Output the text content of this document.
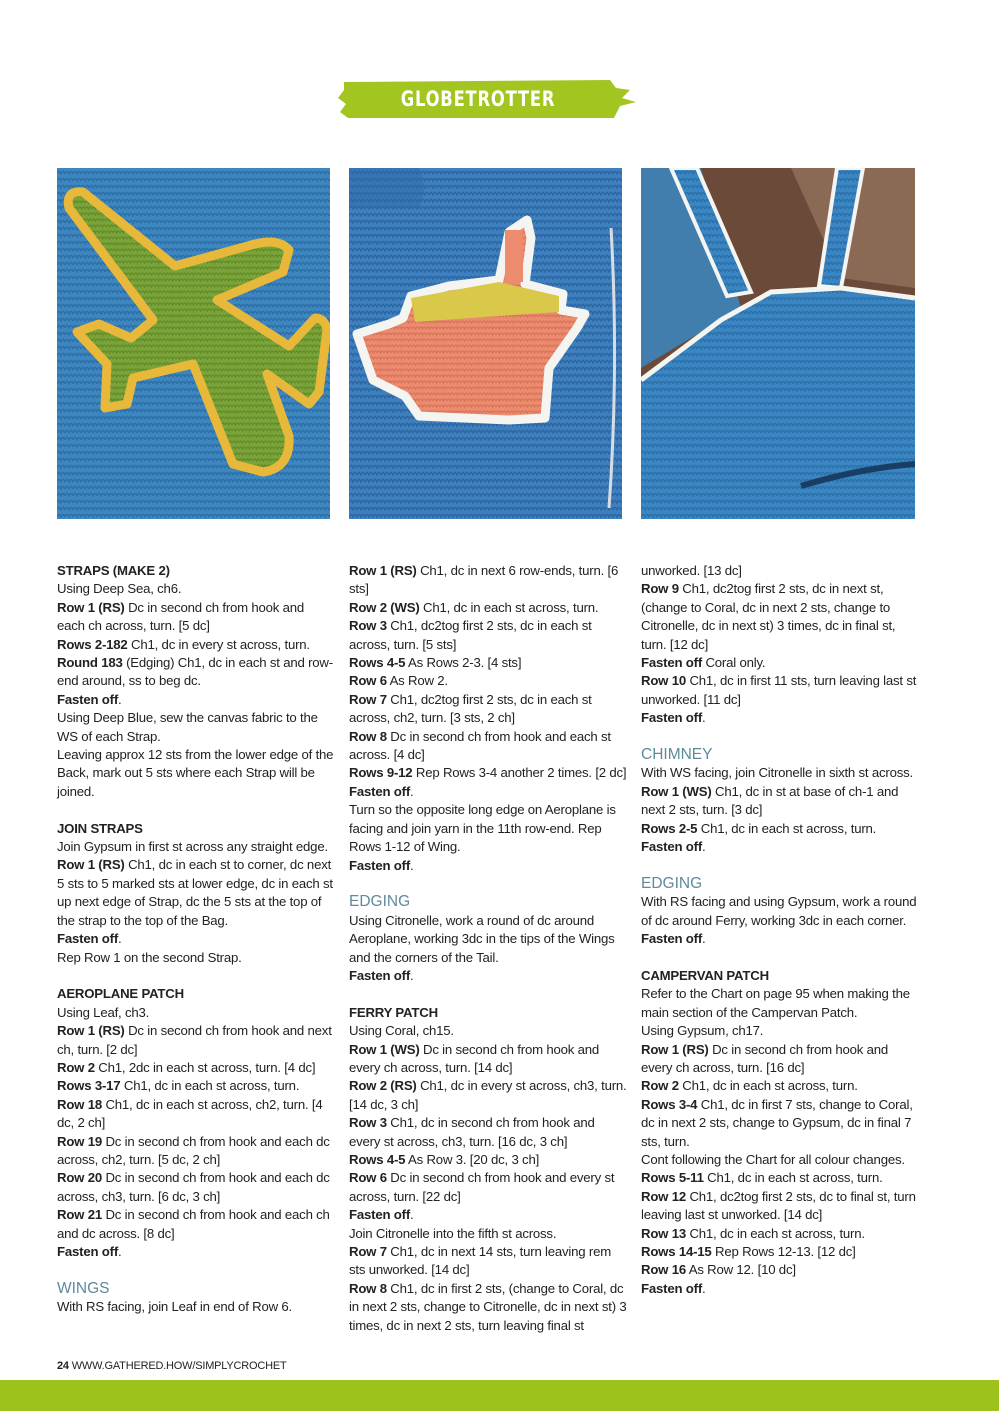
GLOBETROTTER COLLECTION

STRAPS (MAKE 2)

Using Deep Sea, ch6.

Row 1 (RS) Dc in second ch from hook and each ch across, turn. [5 dc]

Rows 2-182 Ch1, dc in every st across, turn.

Round 183 (Edging) Ch1, dc in each st and row-end around, ss to beg dc.

Fasten off.

Using Deep Blue, sew the canvas fabric to the WS of each Strap.

Leaving approx 12 sts from the lower edge of the Back, mark out 5 sts where each Strap will be joined.

JOIN STRAPS

Join Gypsum in first st across any straight edge.

Row 1 (RS) Ch1, dc in each st to corner, dc next 5 sts to 5 marked sts at lower edge, dc in each st up next edge of Strap, dc the 5 sts at the top of the strap to the top of the Bag.

Fasten off.

Rep Row 1 on the second Strap.

AEROPLANE PATCH

Using Leaf, ch3.

Row 1 (RS) Dc in second ch from hook and next ch, turn. [2 dc]

Row 2 Ch1, 2dc in each st across, turn. [4 dc]

Rows 3-17 Ch1, dc in each st across, turn.

Row 18 Ch1, dc in each st across, ch2, turn. [4 dc, 2 ch]

Row 19 Dc in second ch from hook and each dc across, ch2, turn. [5 dc, 2 ch]

Row 20 Dc in second ch from hook and each dc across, ch3, turn. [6 dc, 3 ch]

Row 21 Dc in second ch from hook and each ch and dc across. [8 dc]

Fasten off.

WINGS

With RS facing, join Leaf in end of Row 6.

Row 1 (RS) Ch1, dc in next 6 row-ends, turn. [6 sts]

Row 2 (WS) Ch1, dc in each st across, turn.

Row 3 Ch1, dc2tog first 2 sts, dc in each st across, turn. [5 sts]

Rows 4-5 As Rows 2-3. [4 sts]

Row 6 As Row 2.

Row 7 Ch1, dc2tog first 2 sts, dc in each st across, ch2, turn. [3 sts, 2 ch]

Row 8 Dc in second ch from hook and each st across. [4 dc]

Rows 9-12 Rep Rows 3-4 another 2 times. [2 dc]

Fasten off.

Turn so the opposite long edge on Aeroplane is facing and join yarn in the 11th row-end. Rep Rows 1-12 of Wing.

Fasten off.

EDGING

Using Citronelle, work a round of dc around Aeroplane, working 3dc in the tips of the Wings and the corners of the Tail.

Fasten off.

FERRY PATCH

Using Coral, ch15.

Row 1 (WS) Dc in second ch from hook and every ch across, turn. [14 dc]

Row 2 (RS) Ch1, dc in every st across, ch3, turn. [14 dc, 3 ch]

Row 3 Ch1, dc in second ch from hook and every st across, ch3, turn. [16 dc, 3 ch]

Rows 4-5 As Row 3. [20 dc, 3 ch]

Row 6 Dc in second ch from hook and every st across, turn. [22 dc]

Fasten off.

Join Citronelle into the fifth st across.

Row 7 Ch1, dc in next 14 sts, turn leaving rem sts unworked. [14 dc]

Row 8 Ch1, dc in first 2 sts, (change to Coral, dc in next 2 sts, change to Citronelle, dc in next st) 3 times, dc in next 2 sts, turn leaving final st

unworked. [13 dc]

Row 9 Ch1, dc2tog first 2 sts, dc in next st, (change to Coral, dc in next 2 sts, change to Citronelle, dc in next st) 3 times, dc in final st, turn. [12 dc]

Fasten off Coral only.

Row 10 Ch1, dc in first 11 sts, turn leaving last st unworked. [11 dc]

Fasten off.

CHIMNEY

With WS facing, join Citronelle in sixth st across.

Row 1 (WS) Ch1, dc in st at base of ch-1 and next 2 sts, turn. [3 dc]

Rows 2-5 Ch1, dc in each st across, turn.

Fasten off.

EDGING

With RS facing and using Gypsum, work a round of dc around Ferry, working 3dc in each corner.

Fasten off.

CAMPERVAN PATCH

Refer to the Chart on page 95 when making the main section of the Campervan Patch.

Using Gypsum, ch17.

Row 1 (RS) Dc in second ch from hook and every ch across, turn. [16 dc]

Row 2 Ch1, dc in each st across, turn.

Rows 3-4 Ch1, dc in first 7 sts, change to Coral, dc in next 2 sts, change to Gypsum, dc in final 7 sts, turn.

Cont following the Chart for all colour changes.

Rows 5-11 Ch1, dc in each st across, turn.

Row 12 Ch1, dc2tog first 2 sts, dc to final st, turn leaving last st unworked. [14 dc]

Row 13 Ch1, dc in each st across, turn.

Rows 14-15 Rep Rows 12-13. [12 dc]

Row 16 As Row 12. [10 dc]

Fasten off.

24 WWW.GATHERED.HOW/SIMPLYCROCHET
